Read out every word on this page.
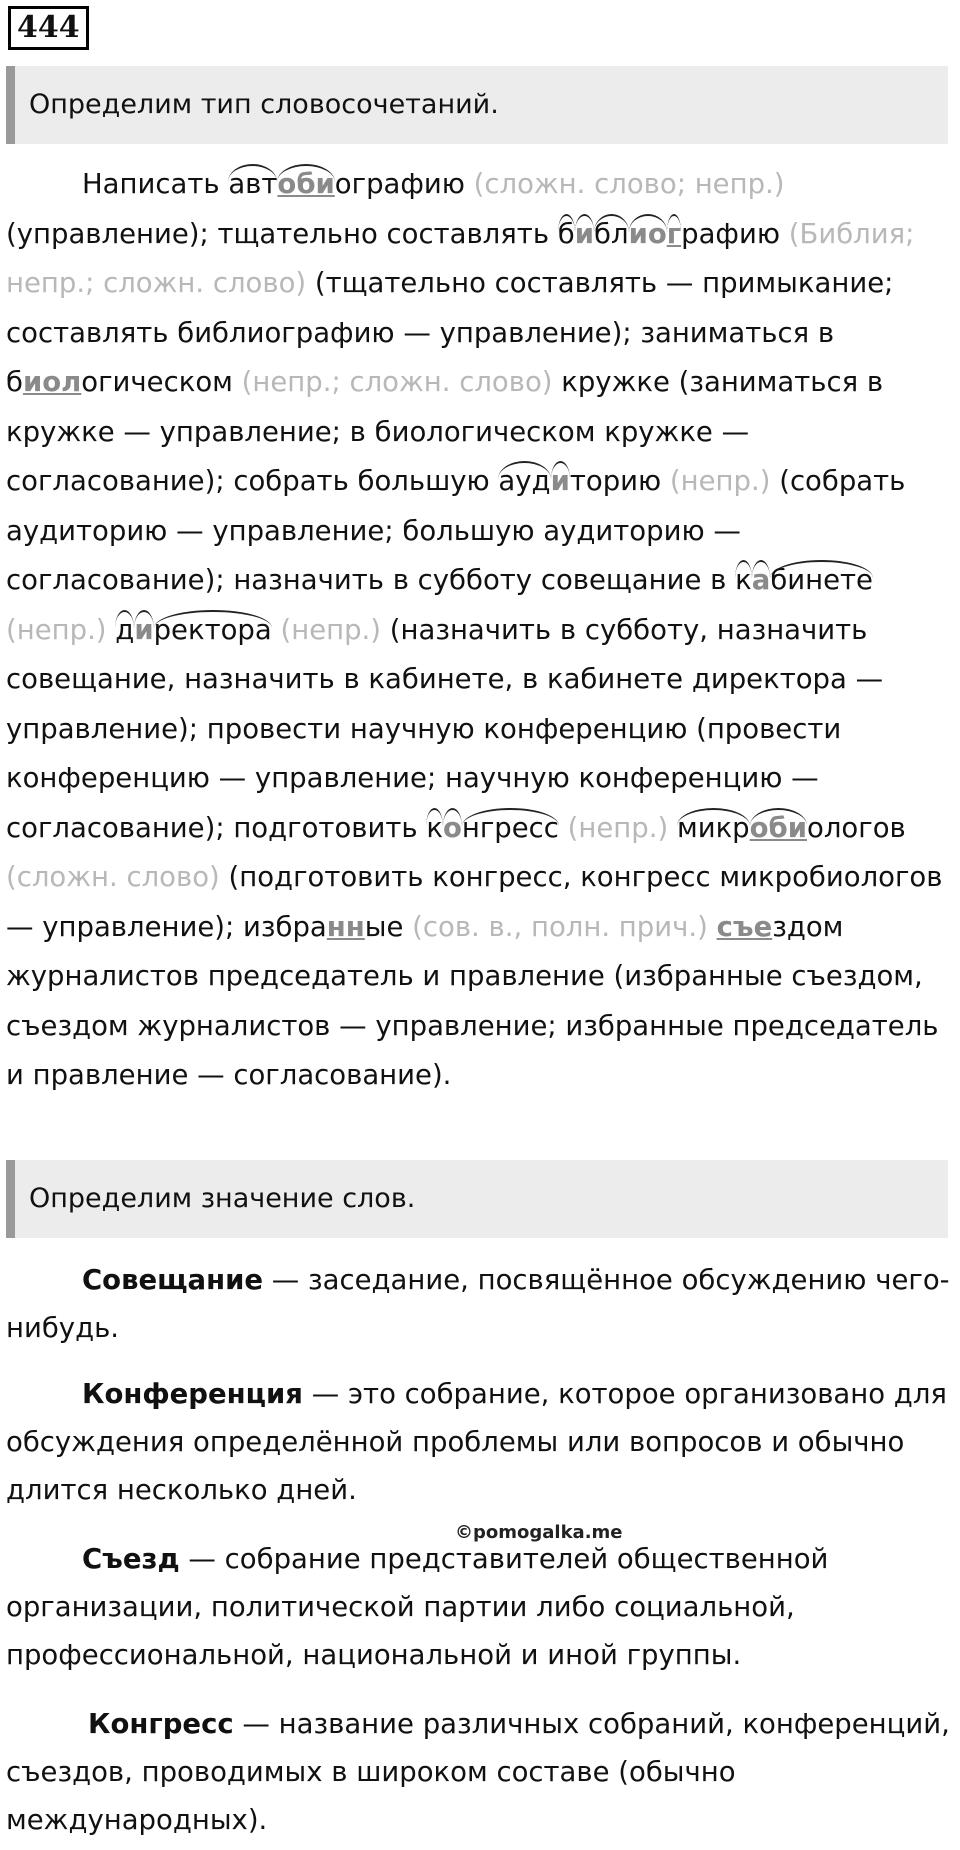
444
Определим тип словосочетаний.

Написать автобиографию (сложн. слово; непр.) (управление); тщательно составлять библиографию (Библия; непр.; сложн. слово) (тщательно составлять — примыкание; составлять библиографию — управление); заниматься в биологическом (непр.; сложн. слово) кружке (заниматься в кружке — управление; в биологическом кружке — согласование); собрать большую аудиторию (непр.) (собрать аудиторию — управление; большую аудиторию — согласование); назначить в субботу совещание в кабинете (непр.) директора (непр.) (назначить в субботу, назначить совещание, назначить в кабинете, в кабинете директора — управление); провести научную конференцию (провести конференцию — управление; научную конференцию — согласование); подготовить конгресс (непр.) микробиологов (сложн. слово) (подготовить конгресс, конгресс микробиологов — управление); избранные (сов. в., полн. прич.) съездом журналистов председатель и правление (избранные съездом, съездом журналистов — управление; избранные председатель и правление — согласование).

Определим значение слов.

Совещание — заседание, посвящённое обсуждению чего-нибудь.

Конференция — это собрание, которое организовано для обсуждения определённой проблемы или вопросов и обычно длится несколько дней.

©pomogalka.me

Съезд — собрание представителей общественной организации, политической партии либо социальной, профессиональной, национальной и иной группы.

Конгресс — название различных собраний, конференций, съездов, проводимых в широком составе (обычно международных).
